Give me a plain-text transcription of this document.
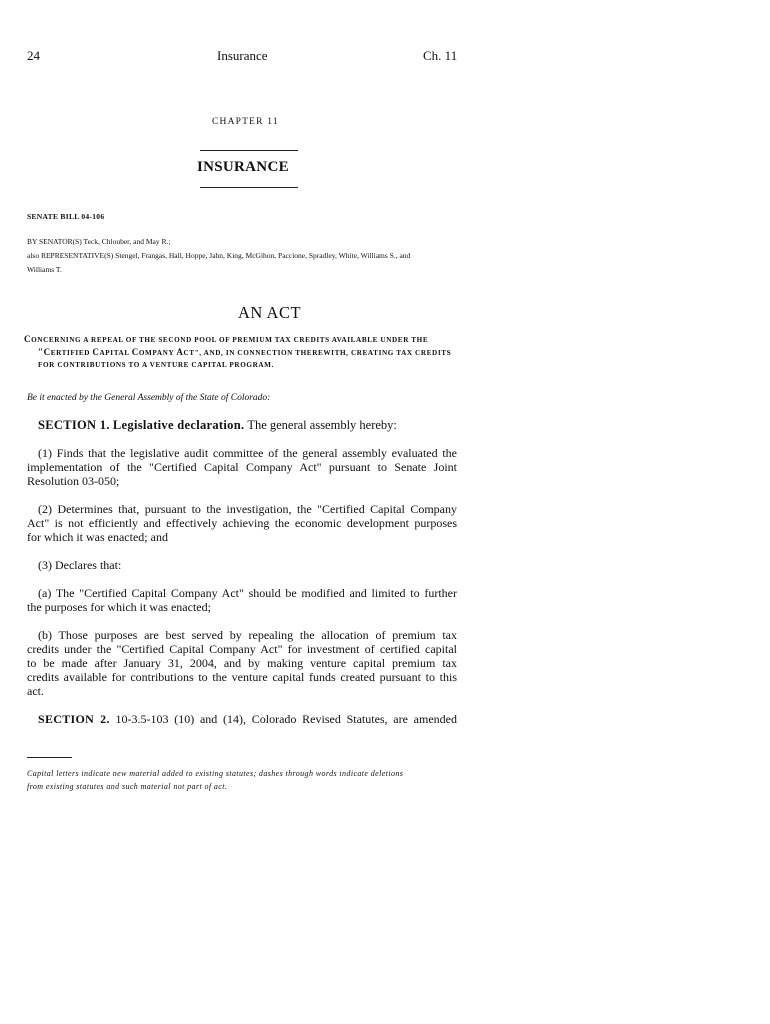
24	Insurance	Ch. 11
CHAPTER 11
INSURANCE
SENATE BILL 04-106
BY SENATOR(S) Teck, Chlouber, and May R.;
also REPRESENTATIVE(S) Stengel, Frangas, Hall, Hoppe, Jahn, King, McGihon, Paccione, Spradley, White, Williams S., and
Williams T.
AN ACT
CONCERNING A REPEAL OF THE SECOND POOL OF PREMIUM TAX CREDITS AVAILABLE UNDER THE
"CERTIFIED CAPITAL COMPANY ACT", AND, IN CONNECTION THEREWITH, CREATING TAX CREDITS
FOR CONTRIBUTIONS TO A VENTURE CAPITAL PROGRAM.
Be it enacted by the General Assembly of the State of Colorado:
SECTION 1. Legislative declaration. The general assembly hereby:
(1) Finds that the legislative audit committee of the general assembly evaluated the
implementation of the "Certified Capital Company Act" pursuant to Senate Joint
Resolution 03-050;
(2) Determines that, pursuant to the investigation, the "Certified Capital Company
Act" is not efficiently and effectively achieving the economic development purposes
for which it was enacted; and
(3) Declares that:
(a) The "Certified Capital Company Act" should be modified and limited to further
the purposes for which it was enacted;
(b) Those purposes are best served by repealing the allocation of premium tax
credits under the "Certified Capital Company Act" for investment of certified capital
to be made after January 31, 2004, and by making venture capital premium tax
credits available for contributions to the venture capital funds created pursuant to this
act.
SECTION 2. 10-3.5-103 (10) and (14), Colorado Revised Statutes, are amended
Capital letters indicate new material added to existing statutes; dashes through words indicate deletions
from existing statutes and such material not part of act.
